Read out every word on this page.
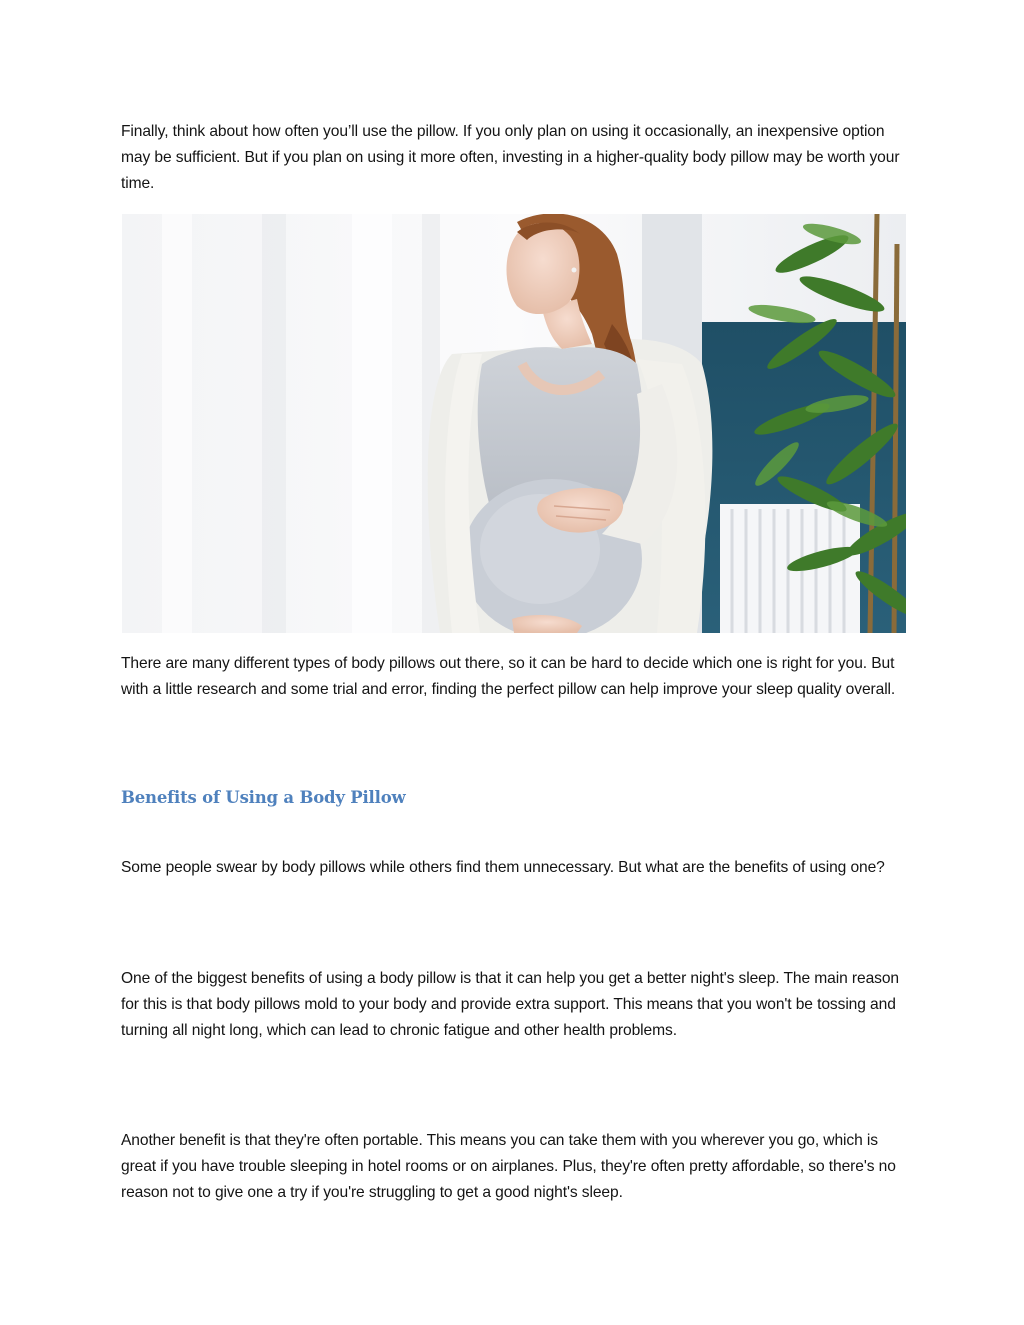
Finally, think about how often you’ll use the pillow. If you only plan on using it occasionally, an inexpensive option may be sufficient. But if you plan on using it more often, investing in a higher-quality body pillow may be worth your time.

There are many different types of body pillows out there, so it can be hard to decide which one is right for you. But with a little research and some trial and error, finding the perfect pillow can help improve your sleep quality overall.

Benefits of Using a Body Pillow

Some people swear by body pillows while others find them unnecessary. But what are the benefits of using one?

One of the biggest benefits of using a body pillow is that it can help you get a better night's sleep. The main reason for this is that body pillows mold to your body and provide extra support. This means that you won't be tossing and turning all night long, which can lead to chronic fatigue and other health problems.

Another benefit is that they're often portable. This means you can take them with you wherever you go, which is great if you have trouble sleeping in hotel rooms or on airplanes. Plus, they're often pretty affordable, so there's no reason not to give one a try if you're struggling to get a good night's sleep.
